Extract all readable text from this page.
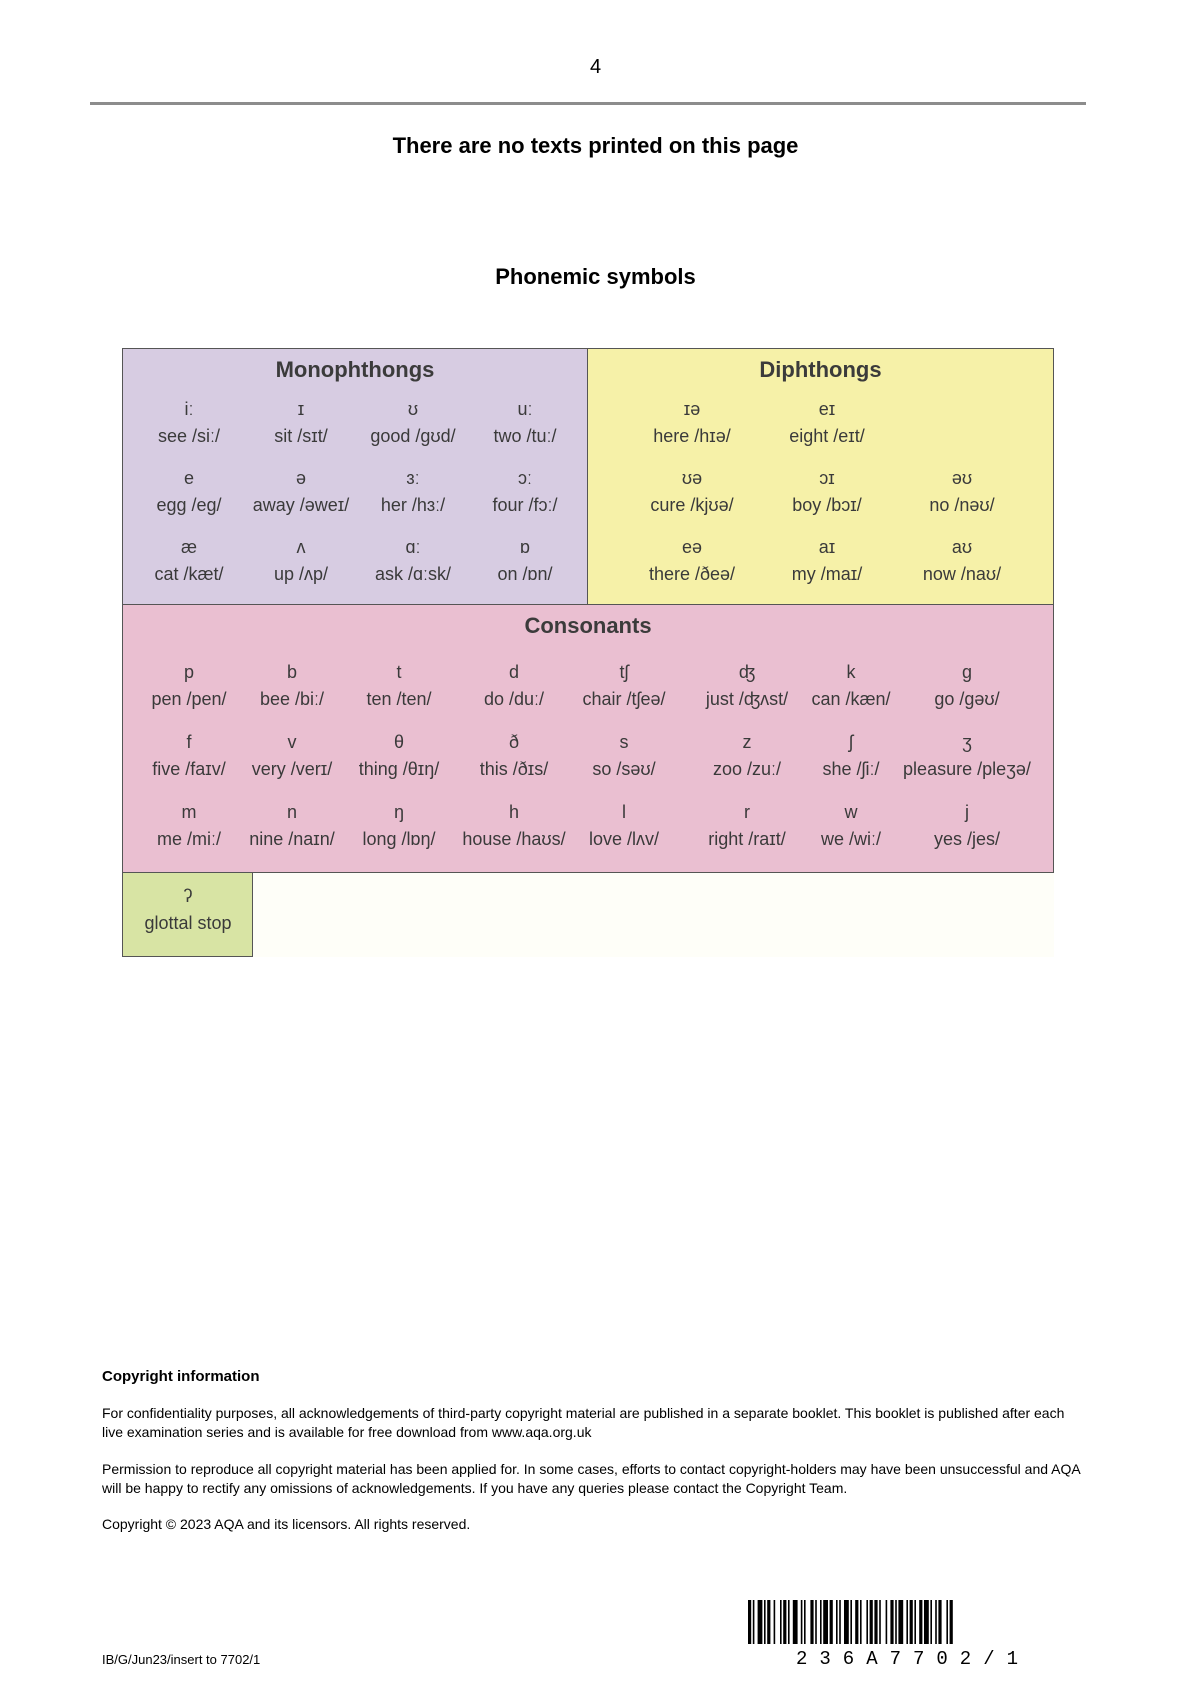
4
There are no texts printed on this page
Phonemic symbols
Monophthongs
iː
see /siː/
ɪ
sit /sɪt/
ʊ
good /gʊd/
uː
two /tuː/
e
egg /eg/
ə
away /əweɪ/
ɜː
her /hɜː/
ɔː
four /fɔː/
æ
cat /kæt/
ʌ
up /ʌp/
ɑː
ask /ɑːsk/
ɒ
on /ɒn/
Diphthongs
ɪə
here /hɪə/
eɪ
eight /eɪt/
ʊə
cure /kjʊə/
ɔɪ
boy /bɔɪ/
əʊ
no /nəʊ/
eə
there /ðeə/
aɪ
my /maɪ/
aʊ
now /naʊ/
Consonants
p
pen /pen/
b
bee /biː/
t
ten /ten/
d
do /duː/
tʃ
chair /tʃeə/
ʤ
just /ʤʌst/
k
can /kæn/
g
go /gəʊ/
f
five /faɪv/
v
very /verɪ/
θ
thing /θɪŋ/
ð
this /ðɪs/
s
so /səʊ/
z
zoo /zuː/
ʃ
she /ʃiː/
ʒ
pleasure /pleʒə/
m
me /miː/
n
nine /naɪn/
ŋ
long /lɒŋ/
h
house /haʊs/
l
love /lʌv/
r
right /raɪt/
w
we /wiː/
j
yes /jes/
ʔ
glottal stop
Copyright information
For confidentiality purposes, all acknowledgements of third-party copyright material are published in a separate booklet. This booklet is published after each live examination series and is available for free download from www.aqa.org.uk
Permission to reproduce all copyright material has been applied for. In some cases, efforts to contact copyright-holders may have been unsuccessful and AQA will be happy to rectify any omissions of acknowledgements. If you have any queries please contact the Copyright Team.
Copyright © 2023 AQA and its licensors. All rights reserved.
IB/G/Jun23/insert to 7702/1	236A7702/1
